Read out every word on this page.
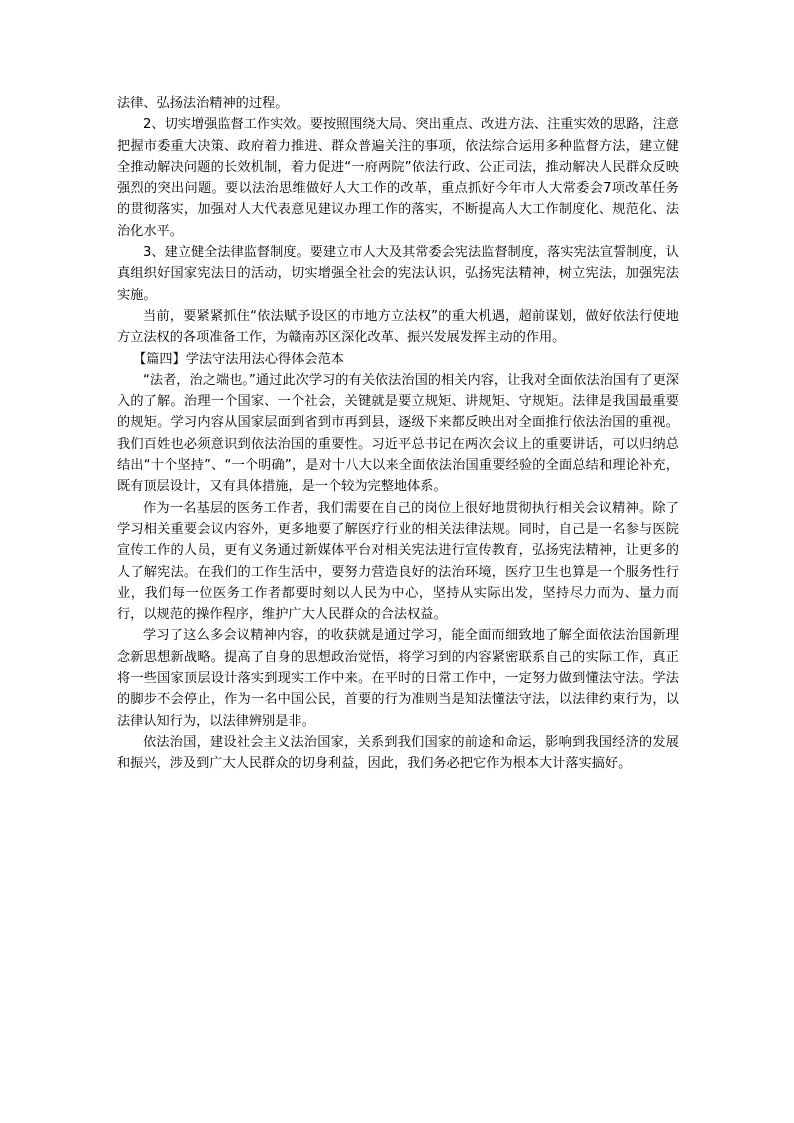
法律、弘扬法治精神的过程。

2、切实增强监督工作实效。要按照围绕大局、突出重点、改进方法、注重实效的思路，注意把握市委重大决策、政府着力推进、群众普遍关注的事项，依法综合运用多种监督方法，建立健全推动解决问题的长效机制，着力促进“一府两院”依法行政、公正司法，推动解决人民群众反映强烈的突出问题。要以法治思维做好人大工作的改革，重点抓好今年市人大常委会7项改革任务的贯彻落实，加强对人大代表意见建议办理工作的落实，不断提高人大工作制度化、规范化、法治化水平。

3、建立健全法律监督制度。要建立市人大及其常委会宪法监督制度，落实宪法宣誓制度，认真组织好国家宪法日的活动，切实增强全社会的宪法认识，弘扬宪法精神，树立宪法，加强宪法实施。

当前，要紧紧抓住“依法赋予设区的市地方立法权”的重大机遇，超前谋划，做好依法行使地方立法权的各项准备工作，为赣南苏区深化改革、振兴发展发挥主动的作用。

【篇四】学法守法用法心得体会范本

“法者，治之端也。”通过此次学习的有关依法治国的相关内容，让我对全面依法治国有了更深入的了解。治理一个国家、一个社会，关键就是要立规矩、讲规矩、守规矩。法律是我国最重要的规矩。学习内容从国家层面到省到市再到县，逐级下来都反映出对全面推行依法治国的重视。我们百姓也必须意识到依法治国的重要性。习近平总书记在两次会议上的重要讲话，可以归纳总结出“十个坚持”、“一个明确”，是对十八大以来全面依法治国重要经验的全面总结和理论补充，既有顶层设计，又有具体措施，是一个较为完整地体系。

作为一名基层的医务工作者，我们需要在自己的岗位上很好地贯彻执行相关会议精神。除了学习相关重要会议内容外，更多地要了解医疗行业的相关法律法规。同时，自己是一名参与医院宣传工作的人员，更有义务通过新媒体平台对相关宪法进行宣传教育，弘扬宪法精神，让更多的人了解宪法。在我们的工作生活中，要努力营造良好的法治环境，医疗卫生也算是一个服务性行业，我们每一位医务工作者都要时刻以人民为中心，坚持从实际出发，坚持尽力而为、量力而行，以规范的操作程序，维护广大人民群众的合法权益。

学习了这么多会议精神内容，的收获就是通过学习，能全面而细致地了解全面依法治国新理念新思想新战略。提高了自身的思想政治觉悟，将学习到的内容紧密联系自己的实际工作，真正将一些国家顶层设计落实到现实工作中来。在平时的日常工作中，一定努力做到懂法守法。学法的脚步不会停止，作为一名中国公民，首要的行为准则当是知法懂法守法，以法律约束行为，以法律认知行为，以法律辨别是非。

依法治国，建设社会主义法治国家，关系到我们国家的前途和命运，影响到我国经济的发展和振兴，涉及到广大人民群众的切身利益，因此，我们务必把它作为根本大计落实搞好。
